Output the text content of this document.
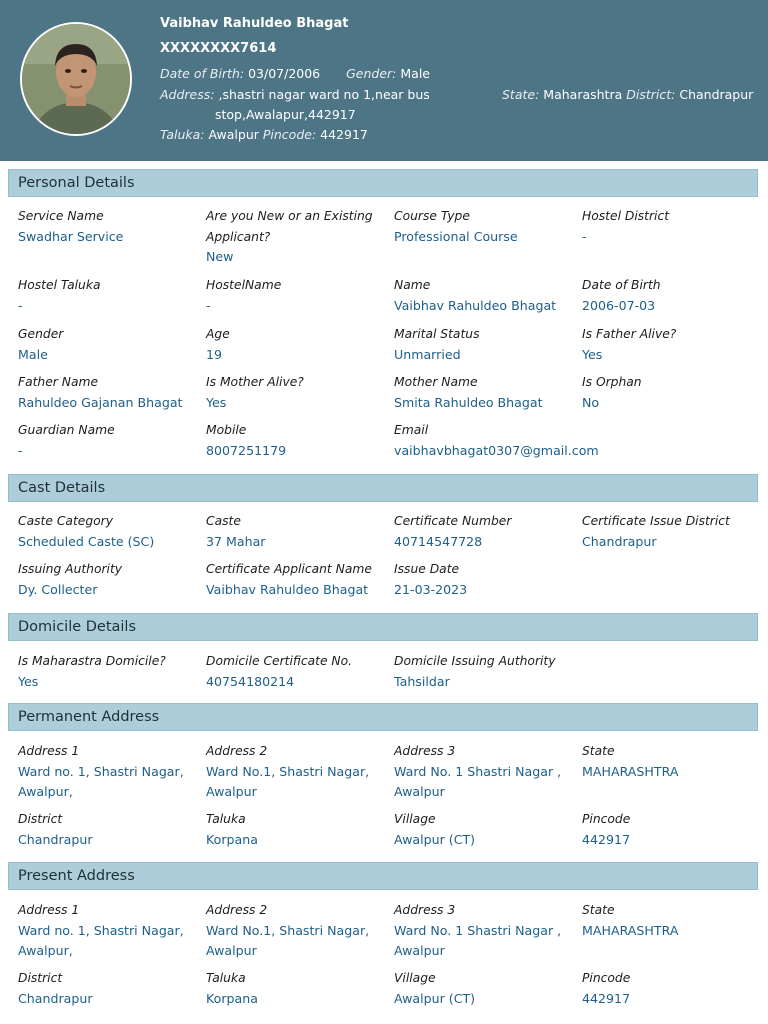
Vaibhav Rahuldeo Bhagat
XXXXXXXX7614
Date of Birth: 03/07/2006 Gender: Male
Address: ,shastri nagar ward no 1,near bus
stop,Awalapur,442917
State: Maharashtra District: Chandrapur
Taluka: Awalpur Pincode: 442917
Personal Details
Service Name
Swadhar Service
Are you New or an Existing Applicant?
New
Course Type
Professional Course
Hostel District
-
Hostel Taluka
-
HostelName
-
Name
Vaibhav Rahuldeo Bhagat
Date of Birth
2006-07-03
Gender
Male
Age
19
Marital Status
Unmarried
Is Father Alive?
Yes
Father Name
Rahuldeo Gajanan Bhagat
Is Mother Alive?
Yes
Mother Name
Smita Rahuldeo Bhagat
Is Orphan
No
Guardian Name
-
Mobile
8007251179
Email
vaibhavbhagat0307@gmail.com
Cast Details
Caste Category
Scheduled Caste (SC)
Caste
37 Mahar
Certificate Number
40714547728
Certificate Issue District
Chandrapur
Issuing Authority
Dy. Collecter
Certificate Applicant Name
Vaibhav Rahuldeo Bhagat
Issue Date
21-03-2023
Domicile Details
Is Maharastra Domicile?
Yes
Domicile Certificate No.
40754180214
Domicile Issuing Authority
Tahsildar
Permanent Address
Address 1
Ward no. 1, Shastri Nagar, Awalpur,
Address 2
Ward No.1, Shastri Nagar, Awalpur
Address 3
Ward No. 1 Shastri Nagar , Awalpur
State
MAHARASHTRA
District
Chandrapur
Taluka
Korpana
Village
Awalpur (CT)
Pincode
442917
Present Address
Address 1
Ward no. 1, Shastri Nagar, Awalpur,
Address 2
Ward No.1, Shastri Nagar, Awalpur
Address 3
Ward No. 1 Shastri Nagar , Awalpur
State
MAHARASHTRA
District
Chandrapur
Taluka
Korpana
Village
Awalpur (CT)
Pincode
442917
